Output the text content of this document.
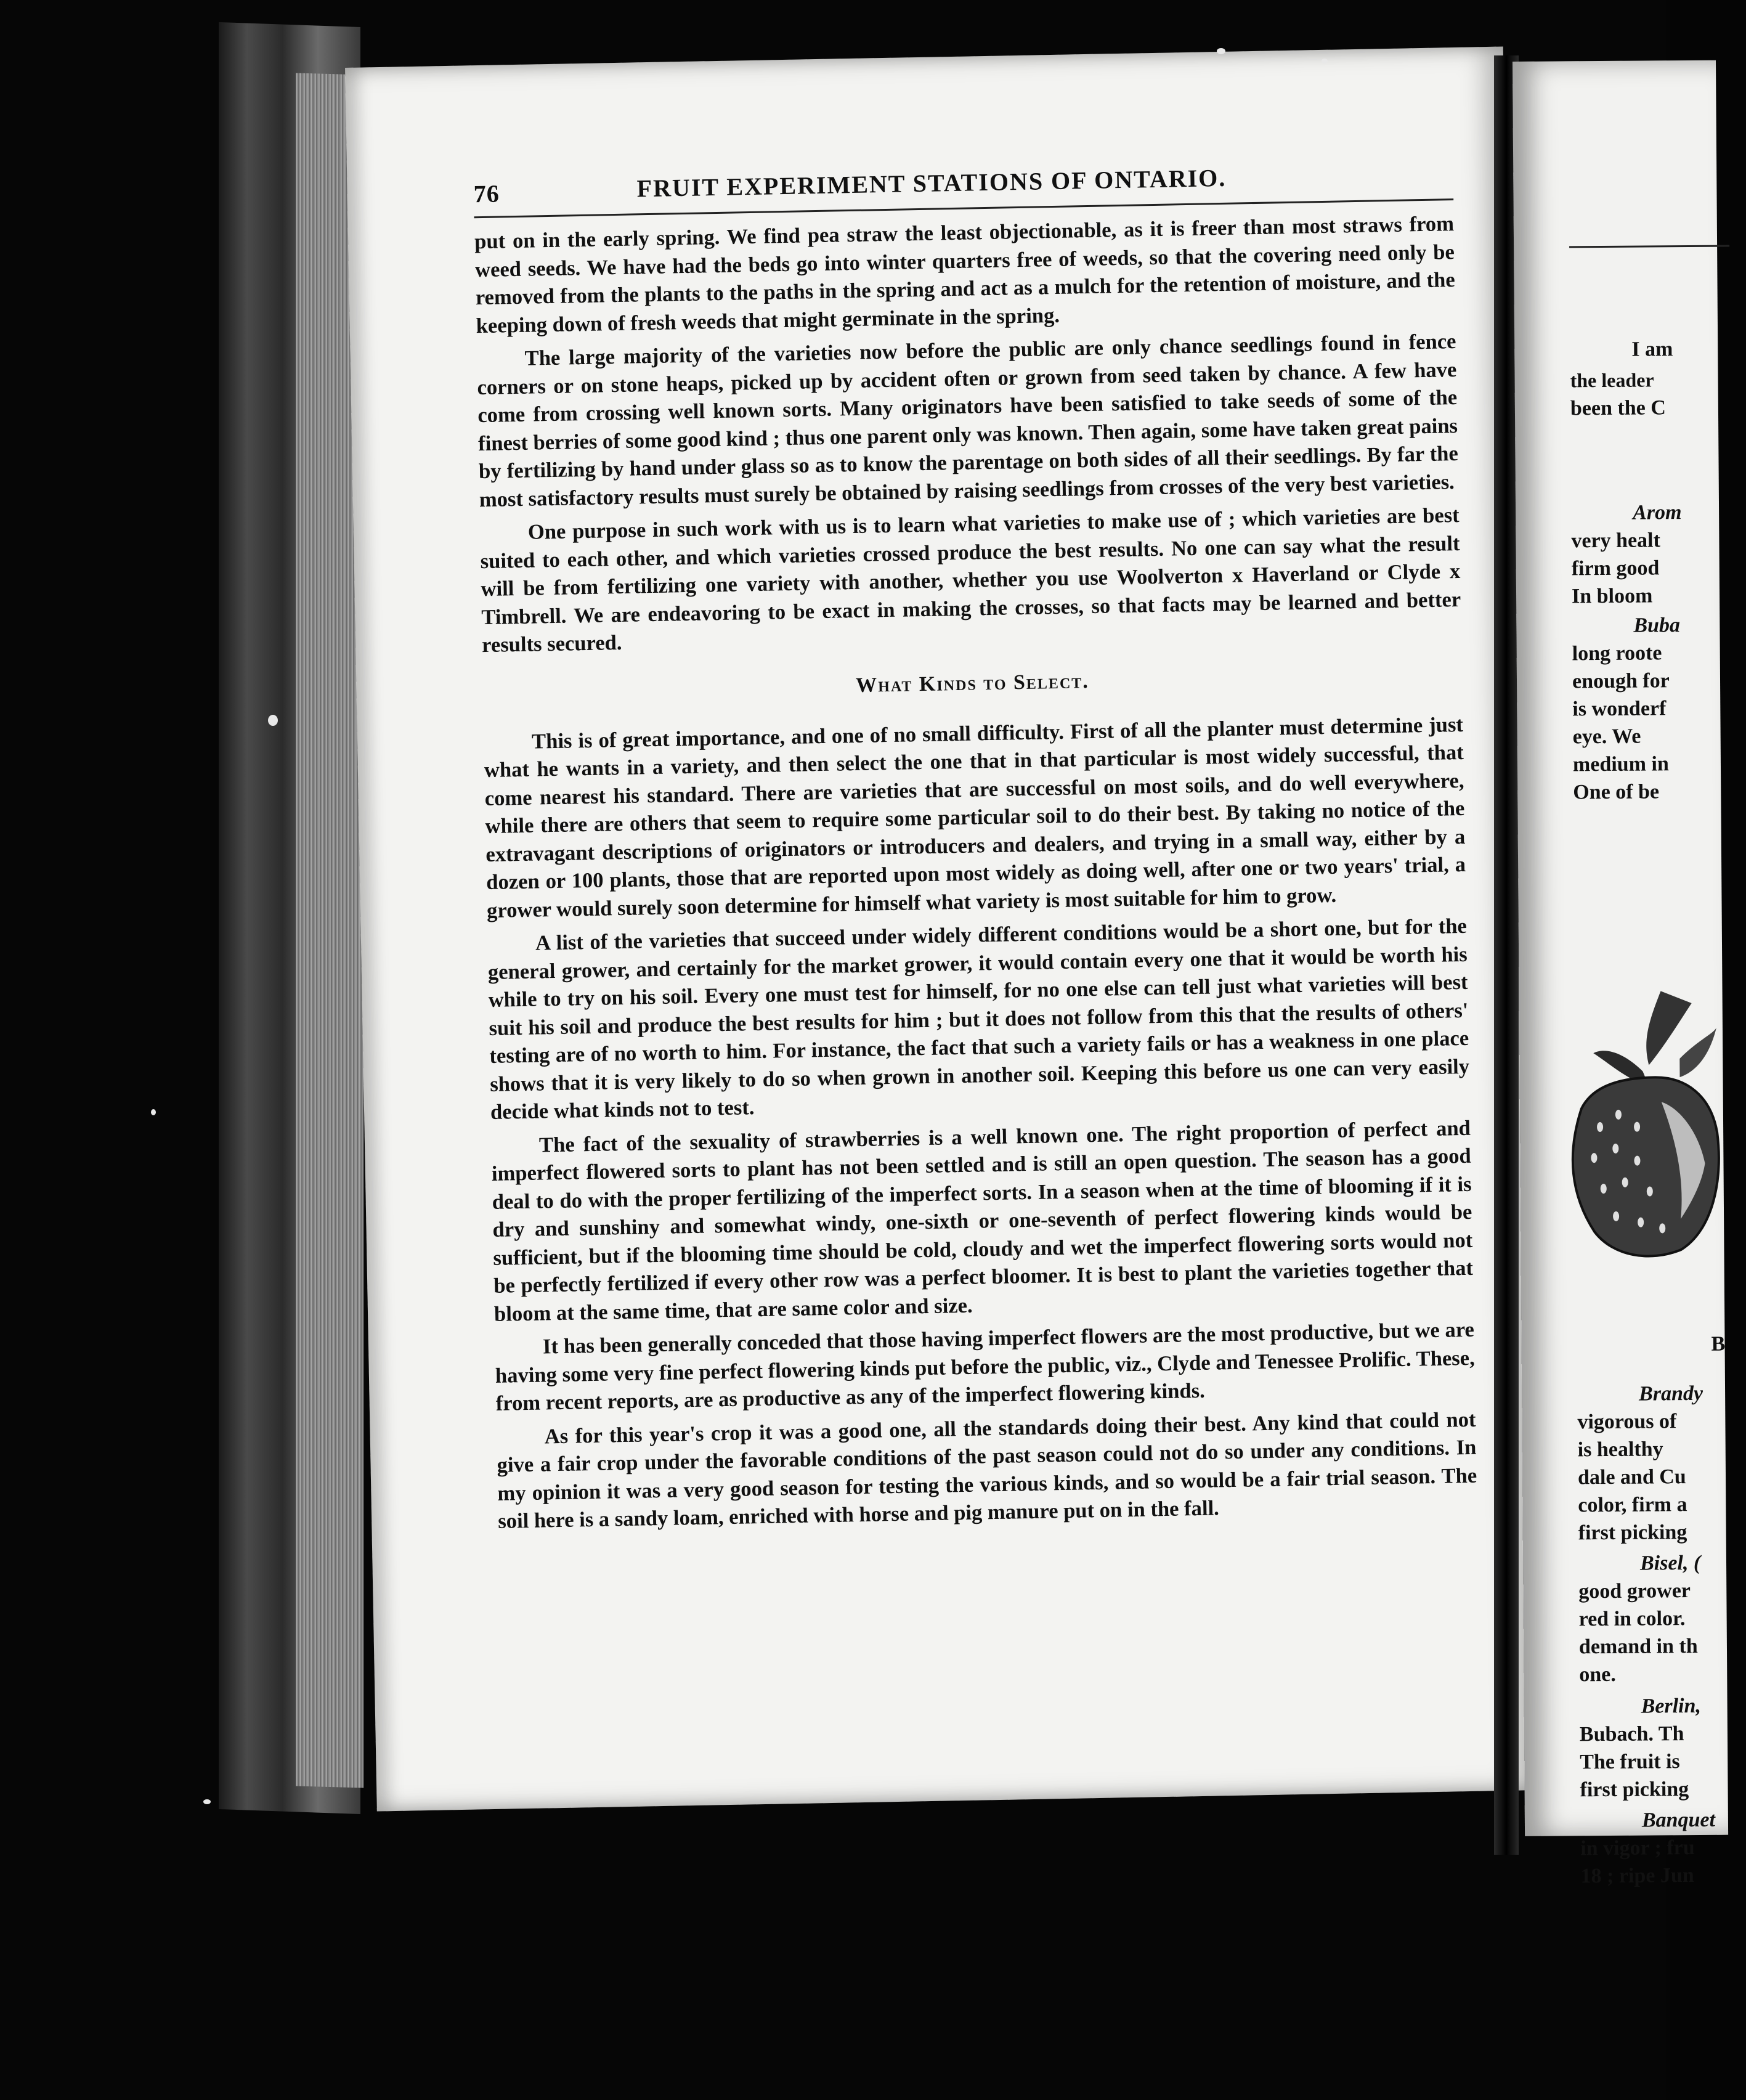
76	FRUIT EXPERIMENT STATIONS OF ONTARIO.

put on in the early spring. We find pea straw the least objectionable, as it is freer than most straws from weed seeds. We have had the beds go into winter quarters free of weeds, so that the covering need only be removed from the plants to the paths in the spring and act as a mulch for the retention of moisture, and the keeping down of fresh weeds that might germinate in the spring.

The large majority of the varieties now before the public are only chance seedlings found in fence corners or on stone heaps, picked up by accident often or grown from seed taken by chance. A few have come from crossing well known sorts. Many originators have been satisfied to take seeds of some of the finest berries of some good kind ; thus one parent only was known. Then again, some have taken great pains by fertilizing by hand under glass so as to know the parentage on both sides of all their seedlings. By far the most satisfactory results must surely be obtained by raising seedlings from crosses of the very best varieties.

One purpose in such work with us is to learn what varieties to make use of ; which varieties are best suited to each other, and which varieties crossed produce the best results. No one can say what the result will be from fertilizing one variety with another, whether you use Woolverton x Haverland or Clyde x Timbrell. We are endeavoring to be exact in making the crosses, so that facts may be learned and better results secured.

What Kinds to Select.

This is of great importance, and one of no small difficulty. First of all the planter must determine just what he wants in a variety, and then select the one that in that particular is most widely successful, that come nearest his standard. There are varieties that are successful on most soils, and do well everywhere, while there are others that seem to require some particular soil to do their best. By taking no notice of the extravagant descriptions of originators or introducers and dealers, and trying in a small way, either by a dozen or 100 plants, those that are reported upon most widely as doing well, after one or two years' trial, a grower would surely soon determine for himself what variety is most suitable for him to grow.

A list of the varieties that succeed under widely different conditions would be a short one, but for the general grower, and certainly for the market grower, it would contain every one that it would be worth his while to try on his soil. Every one must test for himself, for no one else can tell just what varieties will best suit his soil and produce the best results for him ; but it does not follow from this that the results of others' testing are of no worth to him. For instance, the fact that such a variety fails or has a weakness in one place shows that it is very likely to do so when grown in another soil. Keeping this before us one can very easily decide what kinds not to test.

The fact of the sexuality of strawberries is a well known one. The right proportion of perfect and imperfect flowered sorts to plant has not been settled and is still an open question. The season has a good deal to do with the proper fertilizing of the imperfect sorts. In a season when at the time of blooming if it is dry and sunshiny and somewhat windy, one-sixth or one-seventh of perfect flowering kinds would be sufficient, but if the blooming time should be cold, cloudy and wet the imperfect flowering sorts would not be perfectly fertilized if every other row was a perfect bloomer. It is best to plant the varieties together that bloom at the same time, that are same color and size.

It has been generally conceded that those having imperfect flowers are the most productive, but we are having some very fine perfect flowering kinds put before the public, viz., Clyde and Tenessee Prolific. These, from recent reports, are as productive as any of the imperfect flowering kinds.

As for this year's crop it was a good one, all the standards doing their best. Any kind that could not give a fair crop under the favorable conditions of the past season could not do so under any conditions. In my opinion it was a very good season for testing the various kinds, and so would be a fair trial season. The soil here is a sandy loam, enriched with horse and pig manure put on in the fall.

I am
the leader
been the C
Arom
very healt
firm good
In bloom
Buba
long roote
enough for
is wonderf
eye. We
medium in
One of be
B
Brandy
vigorous of
is healthy
dale and Cu
color, firm a
first picking
Bisel, (
good grower
red in color.
demand in th
one.
Berlin,
Bubach. Th
The fruit is
first picking
Banquet
in vigor ; fru
18 ; ripe Jun
